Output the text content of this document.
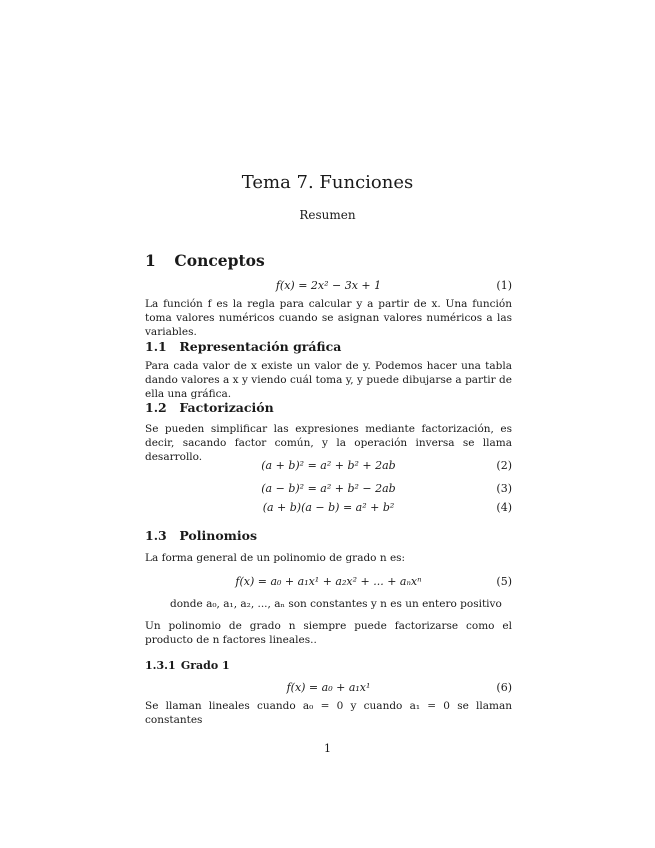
Tema 7. Funciones
Resumen
1 Conceptos
f(x) = 2x² − 3x + 1	(1)
La función f es la regla para calcular y a partir de x. Una función toma valores numéricos cuando se asignan valores numéricos a las variables.
1.1 Representación gráfica
Para cada valor de x existe un valor de y. Podemos hacer una tabla dando valores a x y viendo cuál toma y, y puede dibujarse a partir de ella una gráfica.
1.2 Factorización
Se pueden simplificar las expresiones mediante factorización, es decir, sacando factor común, y la operación inversa se llama desarrollo.
(a + b)² = a² + b² + 2ab	(2)
(a − b)² = a² + b² − 2ab	(3)
(a + b)(a − b) = a² + b²	(4)
1.3 Polinomios
La forma general de un polinomio de grado n es:
f(x) = a₀ + a₁x¹ + a₂x² + ... + aₙxⁿ	(5)
donde a₀, a₁, a₂, ..., aₙ son constantes y n es un entero positivo
Un polinomio de grado n siempre puede factorizarse como el producto de n factores lineales..
1.3.1 Grado 1
f(x) = a₀ + a₁x¹	(6)
Se llaman lineales cuando a₀ = 0 y cuando a₁ = 0 se llaman constantes
1
